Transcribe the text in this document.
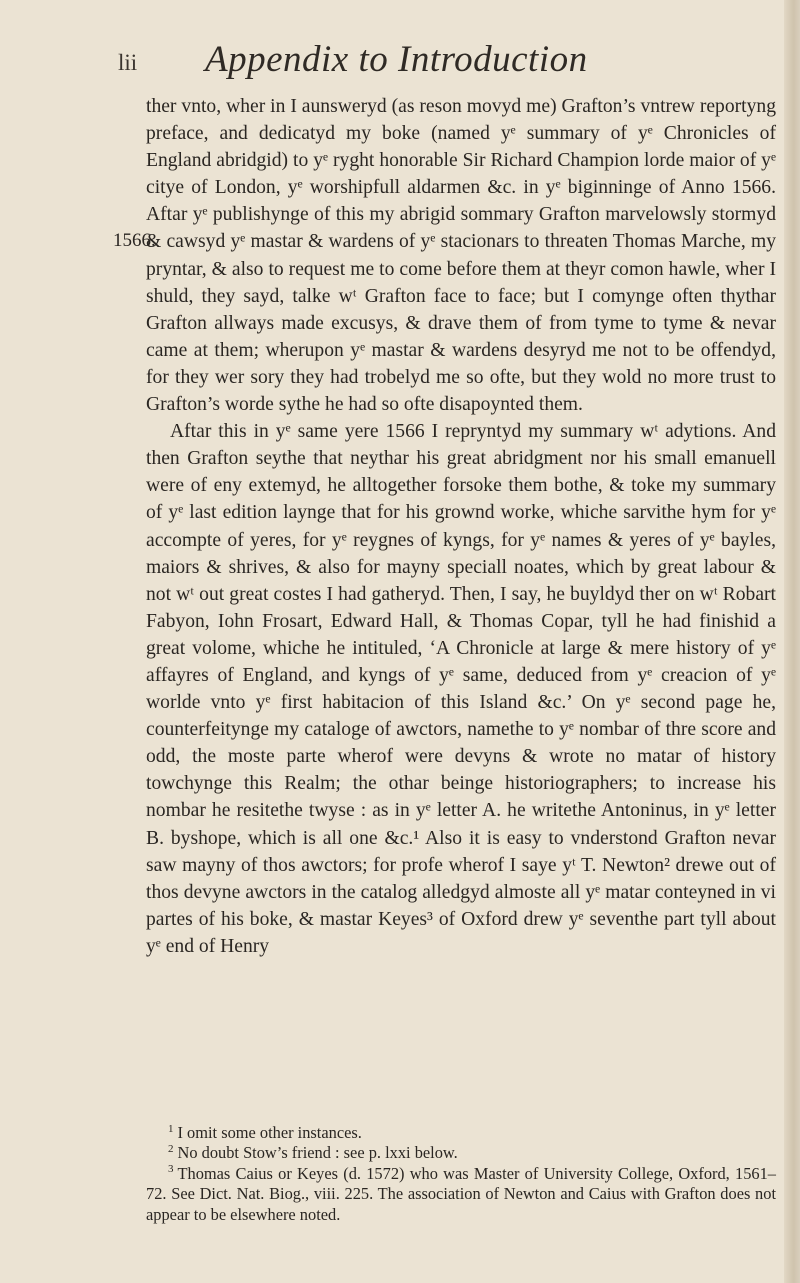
lii Appendix to Introduction
1566.

ther vnto, wher in I aunsweryd (as reson movyd me) Grafton’s vntrew reportyng preface, and dedicatyd my boke (named yᵉ summary of yᵉ Chronicles of England abridgid) to yᵉ ryght honorable Sir Richard Champion lorde maior of yᵉ citye of London, yᵉ worshipfull aldarmen &c. in yᵉ biginninge of Anno 1566. Aftar yᵉ publishynge of this my abrigid sommary Grafton marvelowsly stormyd & cawsyd yᵉ mastar & wardens of yᵉ stacionars to threaten Thomas Marche, my pryntar, & also to request me to come before them at theyr comon hawle, wher I shuld, they sayd, talke wᵗ Grafton face to face; but I comynge often thythar Grafton allways made excusys, & drave them of from tyme to tyme & nevar came at them; wherupon yᵉ mastar & wardens desyryd me not to be offendyd, for they wer sory they had trobelyd me so ofte, but they wold no more trust to Grafton’s worde sythe he had so ofte disapoynted them.

Aftar this in yᵉ same yere 1566 I repryntyd my summary wᵗ adytions. And then Grafton seythe that neythar his great abridgment nor his small emanuell were of eny extemyd, he alltogether forsoke them bothe, & toke my summary of yᵉ last edition laynge that for his grownd worke, whiche sarvithe hym for yᵉ accompte of yeres, for yᵉ reygnes of kyngs, for yᵉ names & yeres of yᵉ bayles, maiors & shrives, & also for mayny speciall noates, which by great labour & not wᵗ out great costes I had gatheryd. Then, I say, he buyldyd ther on wᵗ Robart Fabyon, Iohn Frosart, Edward Hall, & Thomas Copar, tyll he had finishid a great volome, whiche he intituled, ‘A Chronicle at large & mere history of yᵉ affayres of England, and kyngs of yᵉ same, deduced from yᵉ creacion of yᵉ worlde vnto yᵉ first habitacion of this Island &c.’ On yᵉ second page he, counterfeitynge my cataloge of awctors, namethe to yᵉ nombar of thre score and odd, the moste parte wherof were devyns & wrote no matar of history towchynge this Realm; the othar beinge historiographers; to increase his nombar he resitethe twyse : as in yᵉ letter A. he writethe Antoninus, in yᵉ letter B. byshope, which is all one &c.¹ Also it is easy to vnderstond Grafton nevar saw mayny of thos awctors; for profe wherof I saye yᵗ T. Newton² drewe out of thos devyne awctors in the catalog alledgyd almoste all yᵉ matar conteyned in vi partes of his boke, & mastar Keyes³ of Oxford drew yᵉ seventhe part tyll about yᵉ end of Henry

$^1$ I omit some other instances.

$^2$ No doubt Stow’s friend : see p. lxxi below.

$^3$ Thomas Caius or Keyes (d. 1572) who was Master of University College, Oxford, 1561–72. See Dict. Nat. Biog., viii. 225. The association of Newton and Caius with Grafton does not appear to be elsewhere noted.
